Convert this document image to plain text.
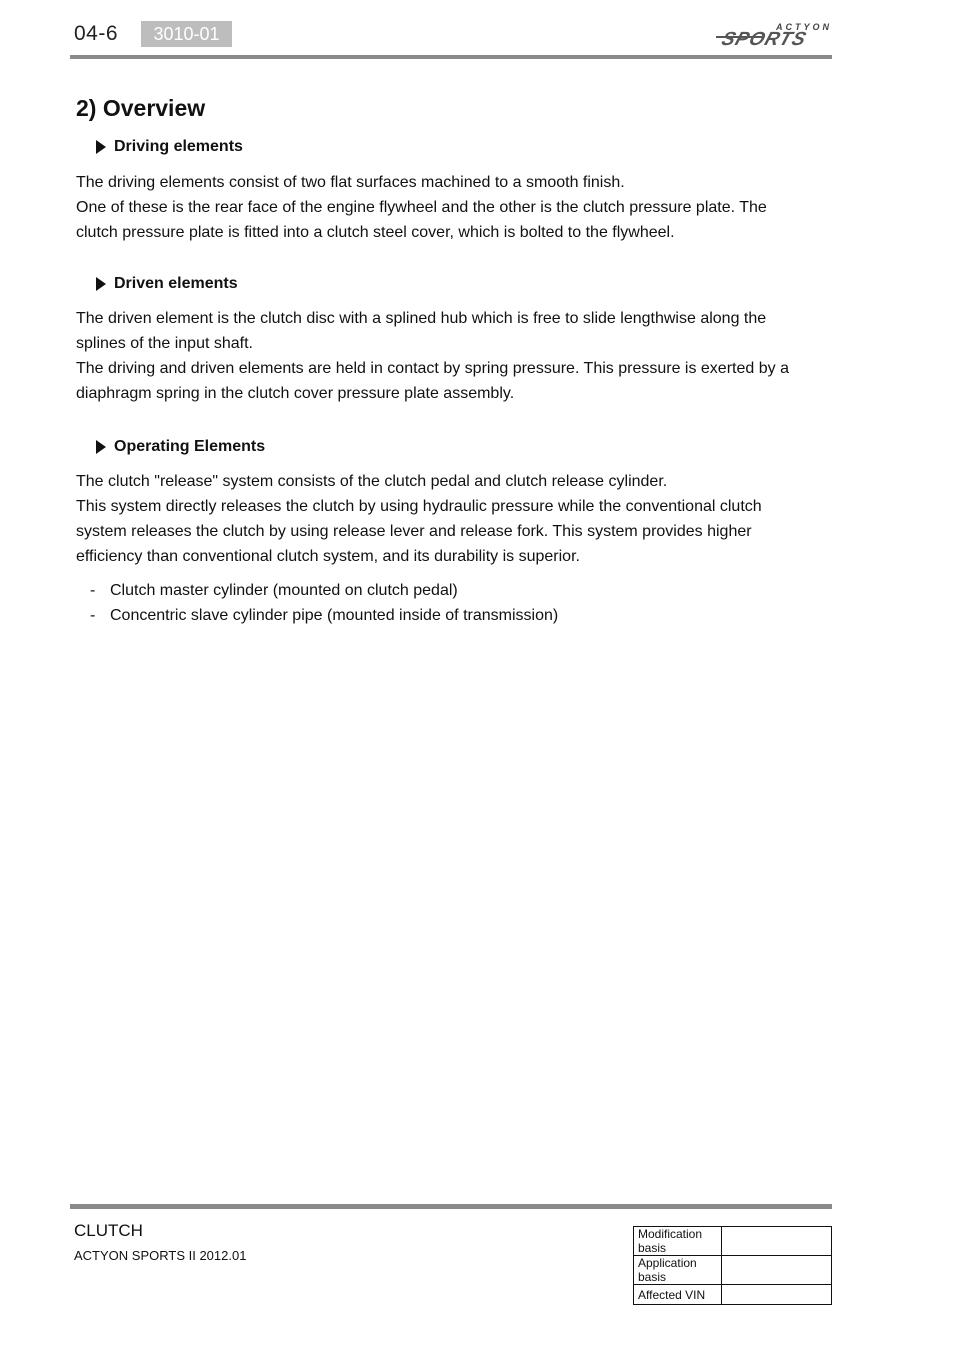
04-6	3010-01	ACTYON
SPORTS
2) Overview
Driving elements

The driving elements consist of two flat surfaces machined to a smooth finish.

One of these is the rear face of the engine flywheel and the other is the clutch pressure plate. The clutch pressure plate is fitted into a clutch steel cover, which is bolted to the flywheel.

Driven elements

The driven element is the clutch disc with a splined hub which is free to slide lengthwise along the splines of the input shaft.

The driving and driven elements are held in contact by spring pressure. This pressure is exerted by a diaphragm spring in the clutch cover pressure plate assembly.

Operating Elements

The clutch "release" system consists of the clutch pedal and clutch release cylinder.

This system directly releases the clutch by using hydraulic pressure while the conventional clutch system releases the clutch by using release lever and release fork. This system provides higher efficiency than conventional clutch system, and its durability is superior.

- Clutch master cylinder (mounted on clutch pedal)
- Concentric slave cylinder pipe (mounted inside of transmission)
CLUTCH
ACTYON SPORTS II 2012.01
Modification basis	
Application basis	
Affected VIN	
